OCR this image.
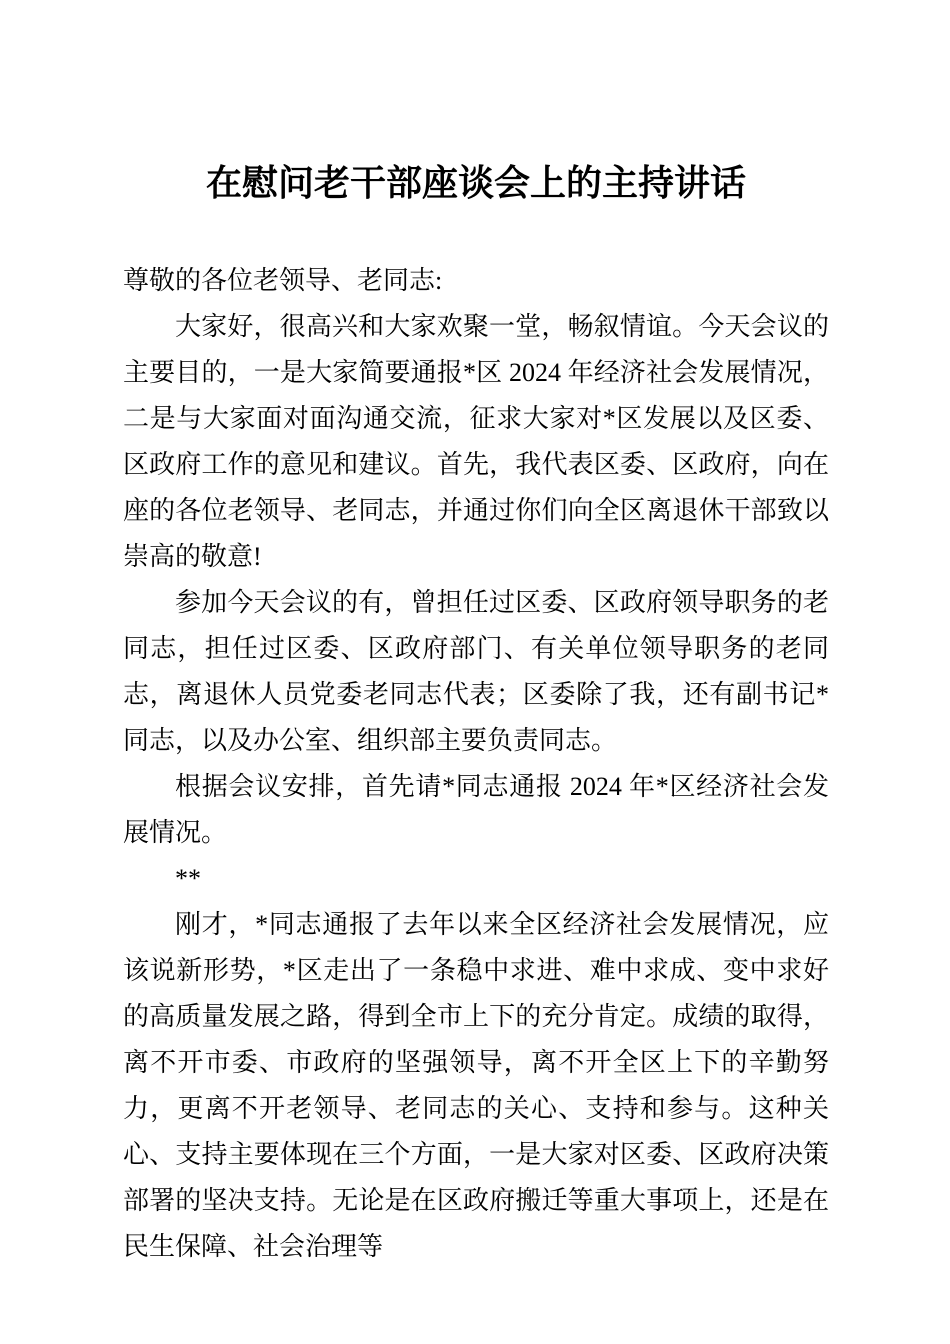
在慰问老干部座谈会上的主持讲话

尊敬的各位老领导、老同志:

大家好，很高兴和大家欢聚一堂，畅叙情谊。今天会议的主要目的，一是大家简要通报*区 2024 年经济社会发展情况，二是与大家面对面沟通交流，征求大家对*区发展以及区委、区政府工作的意见和建议。首先，我代表区委、区政府，向在座的各位老领导、老同志，并通过你们向全区离退休干部致以崇高的敬意!

参加今天会议的有，曾担任过区委、区政府领导职务的老同志，担任过区委、区政府部门、有关单位领导职务的老同志，离退休人员党委老同志代表；区委除了我，还有副书记*同志，以及办公室、组织部主要负责同志。

根据会议安排，首先请*同志通报 2024 年*区经济社会发展情况。

**

刚才，*同志通报了去年以来全区经济社会发展情况，应该说新形势，*区走出了一条稳中求进、难中求成、变中求好的高质量发展之路，得到全市上下的充分肯定。成绩的取得，离不开市委、市政府的坚强领导，离不开全区上下的辛勤努力，更离不开老领导、老同志的关心、支持和参与。这种关心、支持主要体现在三个方面，一是大家对区委、区政府决策部署的坚决支持。无论是在区政府搬迁等重大事项上，还是在民生保障、社会治理等
